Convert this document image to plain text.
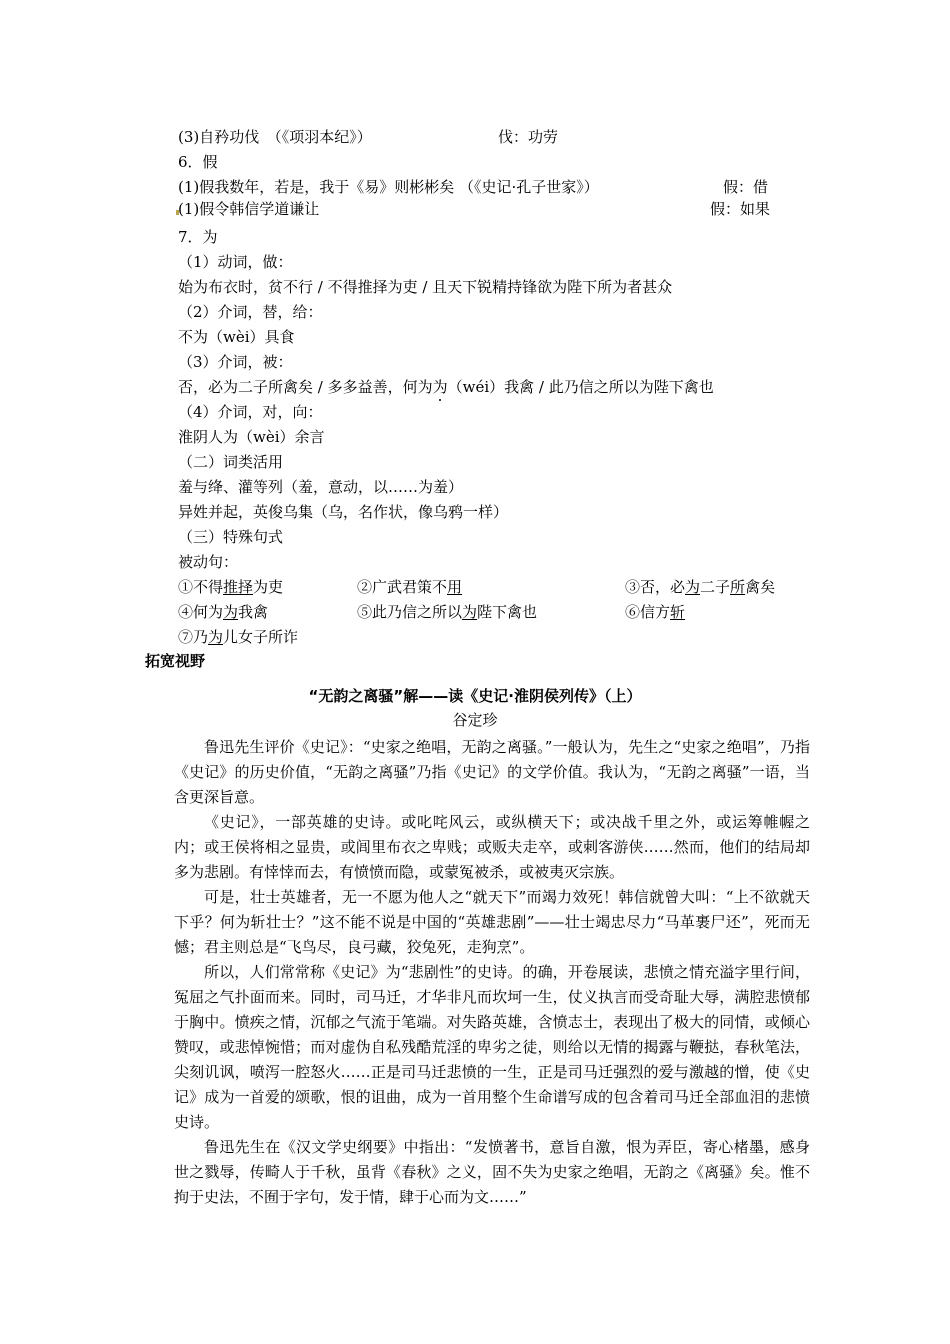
(3)自矜功伐　（《项羽本纪》）	伐：功劳
6．假
(1)假我数年，若是，我于《易》则彬彬矣 （《史记·孔子世家》）	假：借
(1)假令韩信学道谦让	假：如果
7．为
（1）动词，做：
始为布衣时，贫不行 / 不得推择为吏 / 且天下锐精持锋欲为陛下所为者甚众
（2）介词，替，给：
不为（wèi）具食
（3）介词，被：
否，必为二子所禽矣 / 多多益善，何为为（wéi）我禽 / 此乃信之所以为陛下禽也
（4）介词，对，向：
淮阴人为（wèi）余言
（二）词类活用
羞与绛、灌等列（羞，意动，以……为羞）
异姓并起，英俊乌集（乌，名作状，像乌鸦一样）
（三）特殊句式
被动句：
①不得推择为吏	②广武君策不用	③否，必为二子所禽矣
④何为为我禽	⑤此乃信之所以为陛下禽也	⑥信方斩
⑦乃为儿女子所诈
拓宽视野
“无韵之离骚”解——读《史记·淮阴侯列传》（上）
谷定珍

鲁迅先生评价《史记》：“史家之绝唱，无韵之离骚。”一般认为，先生之“史家之绝唱”，乃指《史记》的历史价值，“无韵之离骚”乃指《史记》的文学价值。我认为，“无韵之离骚”一语，当含更深旨意。

《史记》，一部英雄的史诗。或叱咤风云，或纵横天下；或决战千里之外，或运筹帷幄之内；或王侯将相之显贵，或闾里布衣之卑贱；或贩夫走卒，或刺客游侠……然而，他们的结局却多为悲剧。有悻悻而去，有愤愤而隐，或蒙冤被杀，或被夷灭宗族。

可是，壮士英雄者，无一不愿为他人之“就天下”而竭力效死！韩信就曾大叫：“上不欲就天下乎？何为斩壮士？”这不能不说是中国的“英雄悲剧”——壮士竭忠尽力“马革裹尸还”，死而无憾；君主则总是“飞鸟尽，良弓藏，狡兔死，走狗烹”。

所以，人们常常称《史记》为“悲剧性”的史诗。的确，开卷展读，悲愤之情充溢字里行间，冤屈之气扑面而来。同时，司马迁，才华非凡而坎坷一生，仗义执言而受奇耻大辱，满腔悲愤郁于胸中。愤疾之情，沉郁之气流于笔端。对失路英雄，含愤志士，表现出了极大的同情，或倾心赞叹，或悲悼惋惜；而对虚伪自私残酷荒淫的卑劣之徒，则给以无情的揭露与鞭挞，春秋笔法，尖刻讥讽，喷泻一腔怒火……正是司马迁悲愤的一生，正是司马迁强烈的爱与激越的憎，使《史记》成为一首爱的颂歌，恨的诅曲，成为一首用整个生命谱写成的包含着司马迁全部血泪的悲愤史诗。

鲁迅先生在《汉文学史纲要》中指出：“发愤著书，意旨自激，恨为弄臣，寄心楮墨，感身世之戮辱，传畸人于千秋，虽背《春秋》之义，固不失为史家之绝唱，无韵之《离骚》矣。惟不拘于史法，不囿于字句，发于情，肆于心而为文……”
